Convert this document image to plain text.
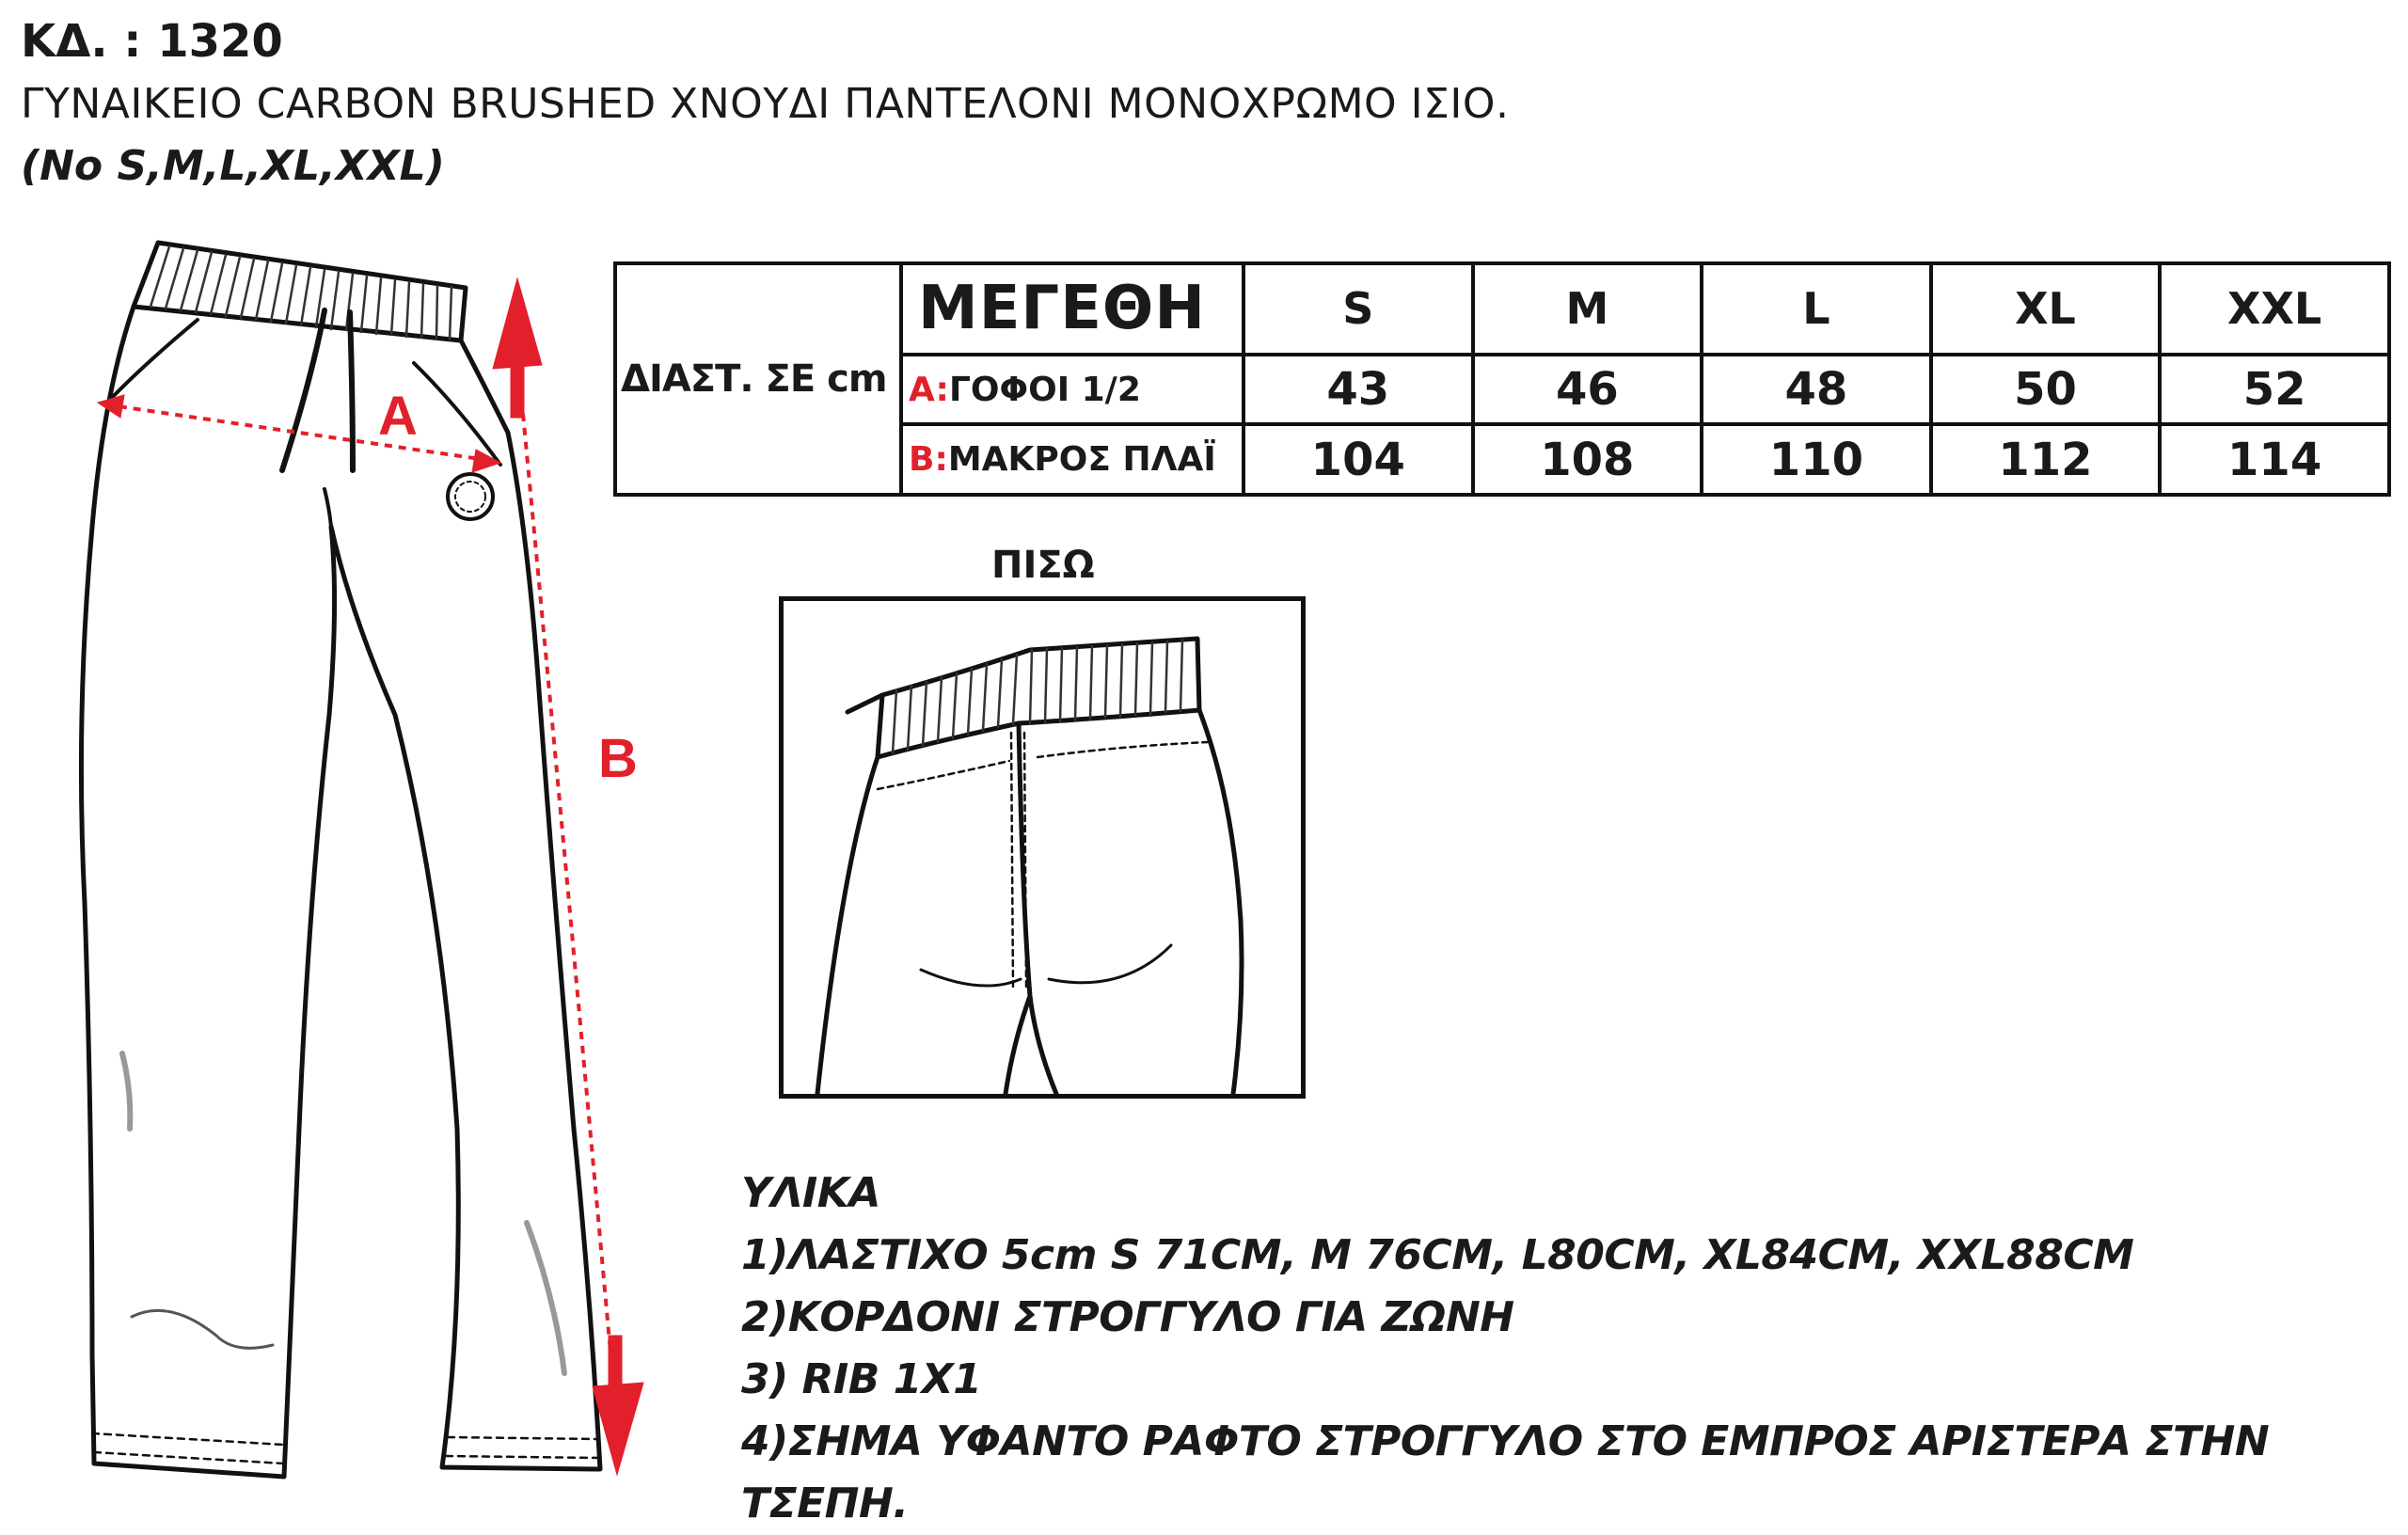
ΚΔ. : 1320
ΓΥΝΑΙΚΕΙΟ CARBON BRUSHED ΧΝΟΥΔΙ ΠΑΝΤΕΛΟΝΙ ΜΟΝΟΧΡΩΜΟ ΙΣΙΟ.
(No S,M,L,XL,XXL)
A
B
ΔΙΑΣΤ. ΣΕ cm	ΜΕΓΕΘΗ	S	M	L	XL	XXL
	A:ΓΟΦΟΙ 1/2	43	46	48	50	52
	B:ΜΑΚΡΟΣ ΠΛΑΪ	104	108	110	112	114
ΠΙΣΩ
ΥΛΙΚΑ
1)ΛΑΣΤΙΧΟ 5cm S 71CM, M 76CM, L80CM, XL84CM, XXL88CM
2)ΚΟΡΔΟΝΙ ΣΤΡΟΓΓΥΛΟ ΓΙΑ ΖΩΝΗ
3) RIB 1X1
4)ΣΗΜΑ ΥΦΑΝΤΟ ΡΑΦΤΟ ΣΤΡΟΓΓΥΛΟ ΣΤΟ ΕΜΠΡΟΣ ΑΡΙΣΤΕΡΑ ΣΤΗΝ ΤΣΕΠΗ.
